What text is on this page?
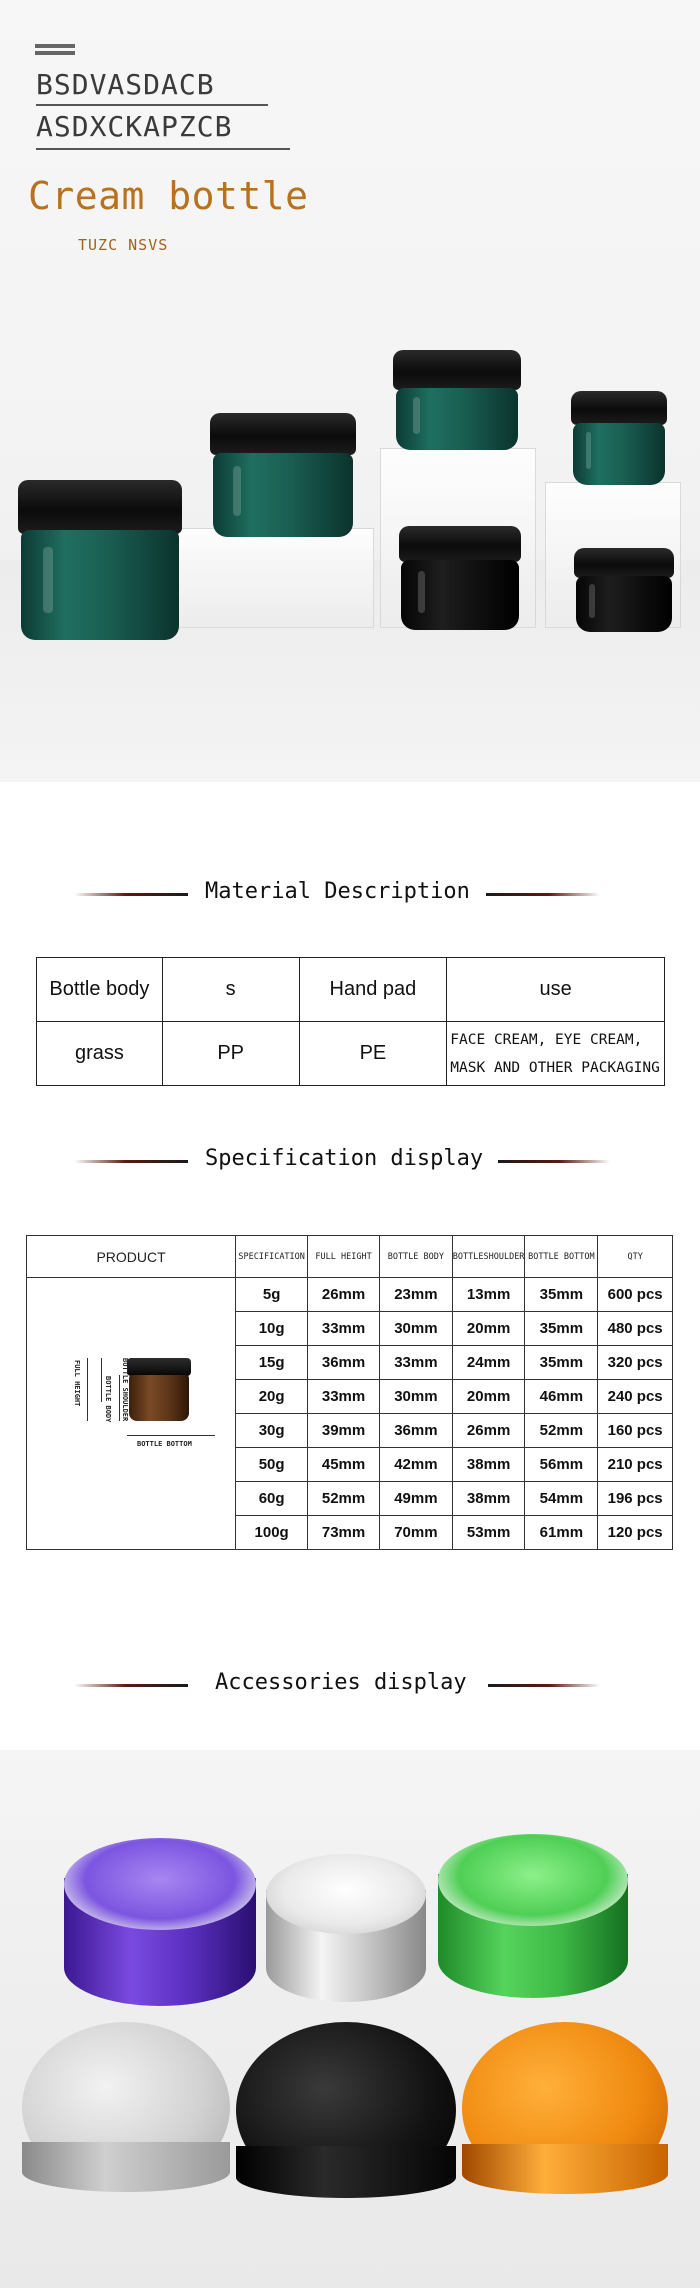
BSDVASDACB
ASDXCKAPZCB
Cream bottle
TUZC NSVS
Material Description
Bottle body	s	Hand pad	use
grass	PP	PE	FACE CREAM, EYE CREAM,
MASK AND OTHER PACKAGING
Specification display
PRODUCT	SPECIFICATION	FULL HEIGHT	BOTTLE BODY	BOTTLESHOULDER	BOTTLE BOTTOM	QTY

FULL HEIGHT BOTTLE BODY BOTTLE SHOULDER
BOTTLE BOTTOM	5g	26mm	23mm	13mm	35mm	600 pcs
	10g	33mm	30mm	20mm	35mm	480 pcs
	15g	36mm	33mm	24mm	35mm	320 pcs
	20g	33mm	30mm	20mm	46mm	240 pcs
	30g	39mm	36mm	26mm	52mm	160 pcs
	50g	45mm	42mm	38mm	56mm	210 pcs
	60g	52mm	49mm	38mm	54mm	196 pcs
	100g	73mm	70mm	53mm	61mm	120 pcs
Accessories display
